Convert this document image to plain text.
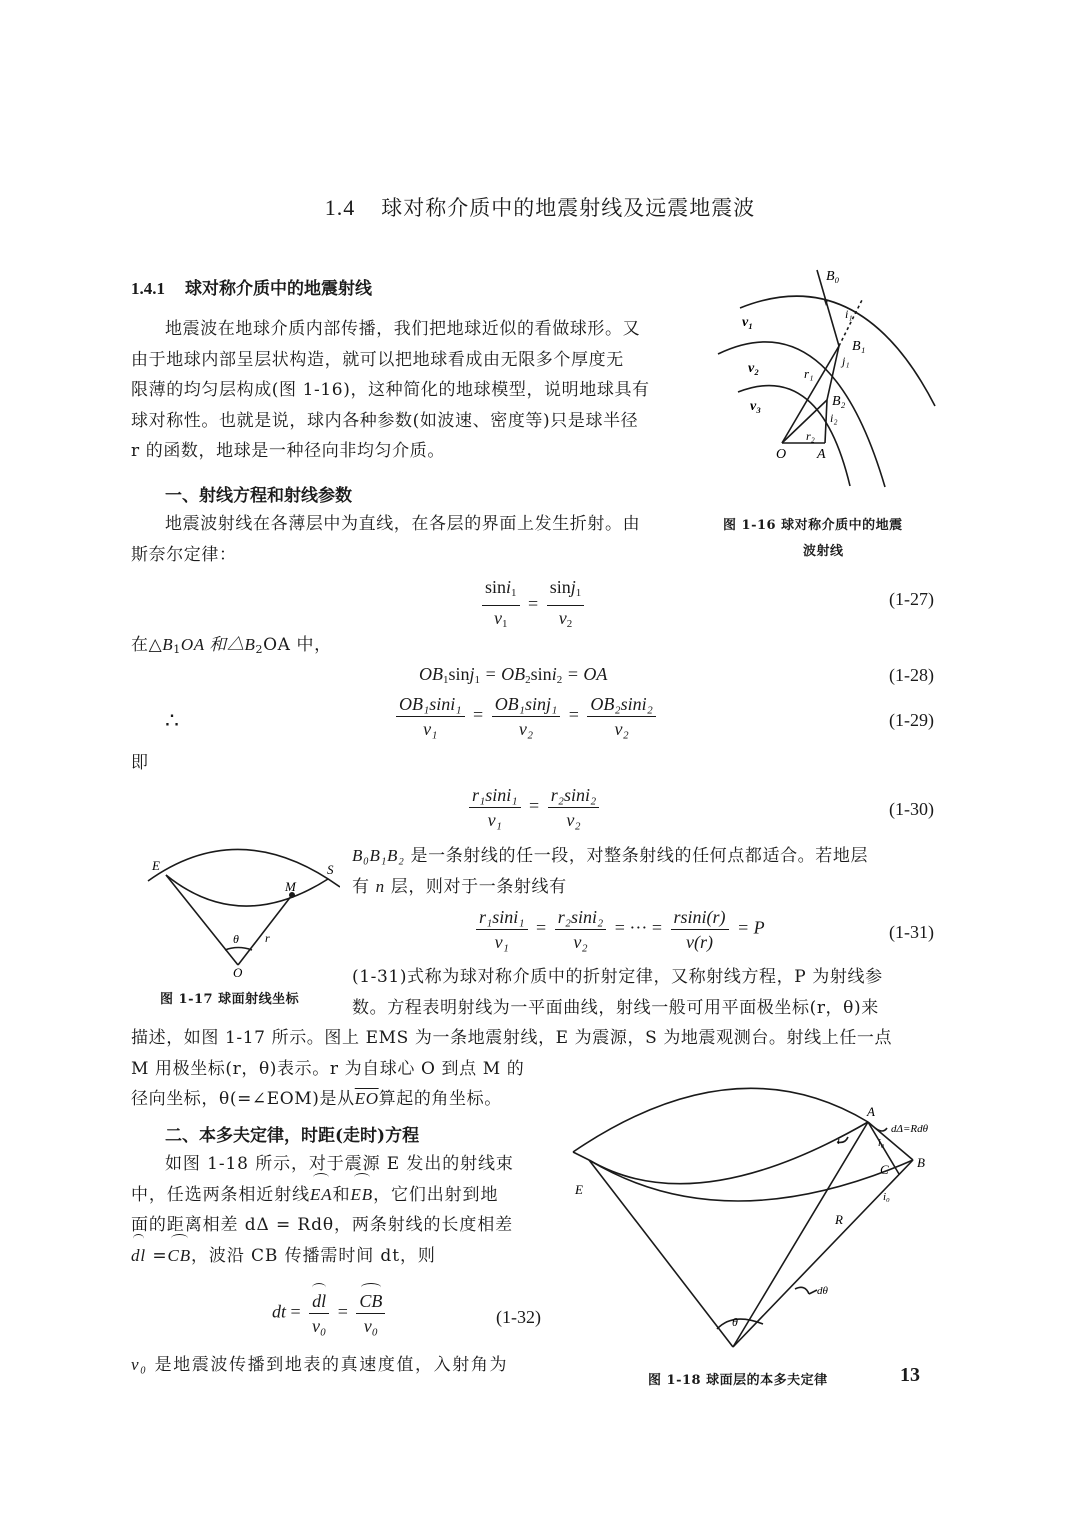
1.4 球对称介质中的地震射线及远震地震波
1.4.1 球对称介质中的地震射线

地震波在地球介质内部传播，我们把地球近似的看做球形。又

由于地球内部呈层状构造，就可以把地球看成由无限多个厚度无

限薄的均匀层构成(图 1-16)，这种简化的地球模型，说明地球具有

球对称性。也就是说，球内各种参数(如波速、密度等)只是球半径

r 的函数，地球是一种径向非均匀介质。

一、射线方程和射线参数

地震波射线在各薄层中为直线，在各层的界面上发生折射。由

斯奈尔定律：

$\frac{\sin i_1}{v_1} = \frac{\sin j_1}{v_2}$	(1-27)
在$\triangle B_1OA$ 和$\triangle B_2OA$ 中，
$OB_1\sin j_1 = OB_2\sin i_2$ = OA	(1-28)
∴	$\frac{\text{OB₁sini₁}}{\text{v₁}} = \frac{\text{OB₁sinj₁}}{\text{v₂}} = \frac{\text{OB₂sini₂}}{\text{v₂}}$	(1-29)
即
$\frac{\text{r₁sini₁}}{\text{v₁}} = \frac{\text{r₂sini₂}}{\text{v₂}}$	(1-30)

B₀B₁B₂ 是一条射线的任一段，对整条射线的任何点都适合。若地层

有 n 层，则对于一条射线有

$\frac{\text{r₁sini₁}}{\text{v₁}} = \frac{\text{r₂sini₂}}{\text{v₂}}$ = ··· = $\frac{rsini(r)}{v(r)} = P$	(1-31)

(1-31)式称为球对称介质中的折射定律，又称射线方程，P 为射线参

数。方程表明射线为一平面曲线，射线一般可用平面极坐标(r，θ)来

描述，如图 1-17 所示。图上 EMS 为一条地震射线，E 为震源，S 为地震观测台。射线上任一点

M 用极坐标(r，θ)表示。r 为自球心 O 到点 M 的

径向坐标，θ(=∠EOM)是从$\overline{EO}$算起的角坐标。

二、本多夫定律，时距(走时)方程

如图 1-18 所示，对于震源 E 发出的射线束

中，任选两条相近射线EA和EB，它们出射到地

面的距离相差 dΔ = Rdθ，两条射线的长度相差

dl =CB，波沿 CB 传播需时间 dt，则

dt = $\frac{dl}{\text{v₀}} = \frac{CB}{\text{v₀}}$	(1-32)
v₀ 是地震波传播到地表的真速度值，入射角为
B₀
i₁
B₁
j₁
r₁
B₂
i₂
r₂
O A
v₁
v₂
v₃
图 1-16 球对称介质中的地震
波射线
E	S
M
θ r
O
图 1-17 球面射线坐标
A
dΔ=Rdθ
B
C
i₀
i
i₀
E
R
dθ
θ
图 1-18 球面层的本多夫定律	13
